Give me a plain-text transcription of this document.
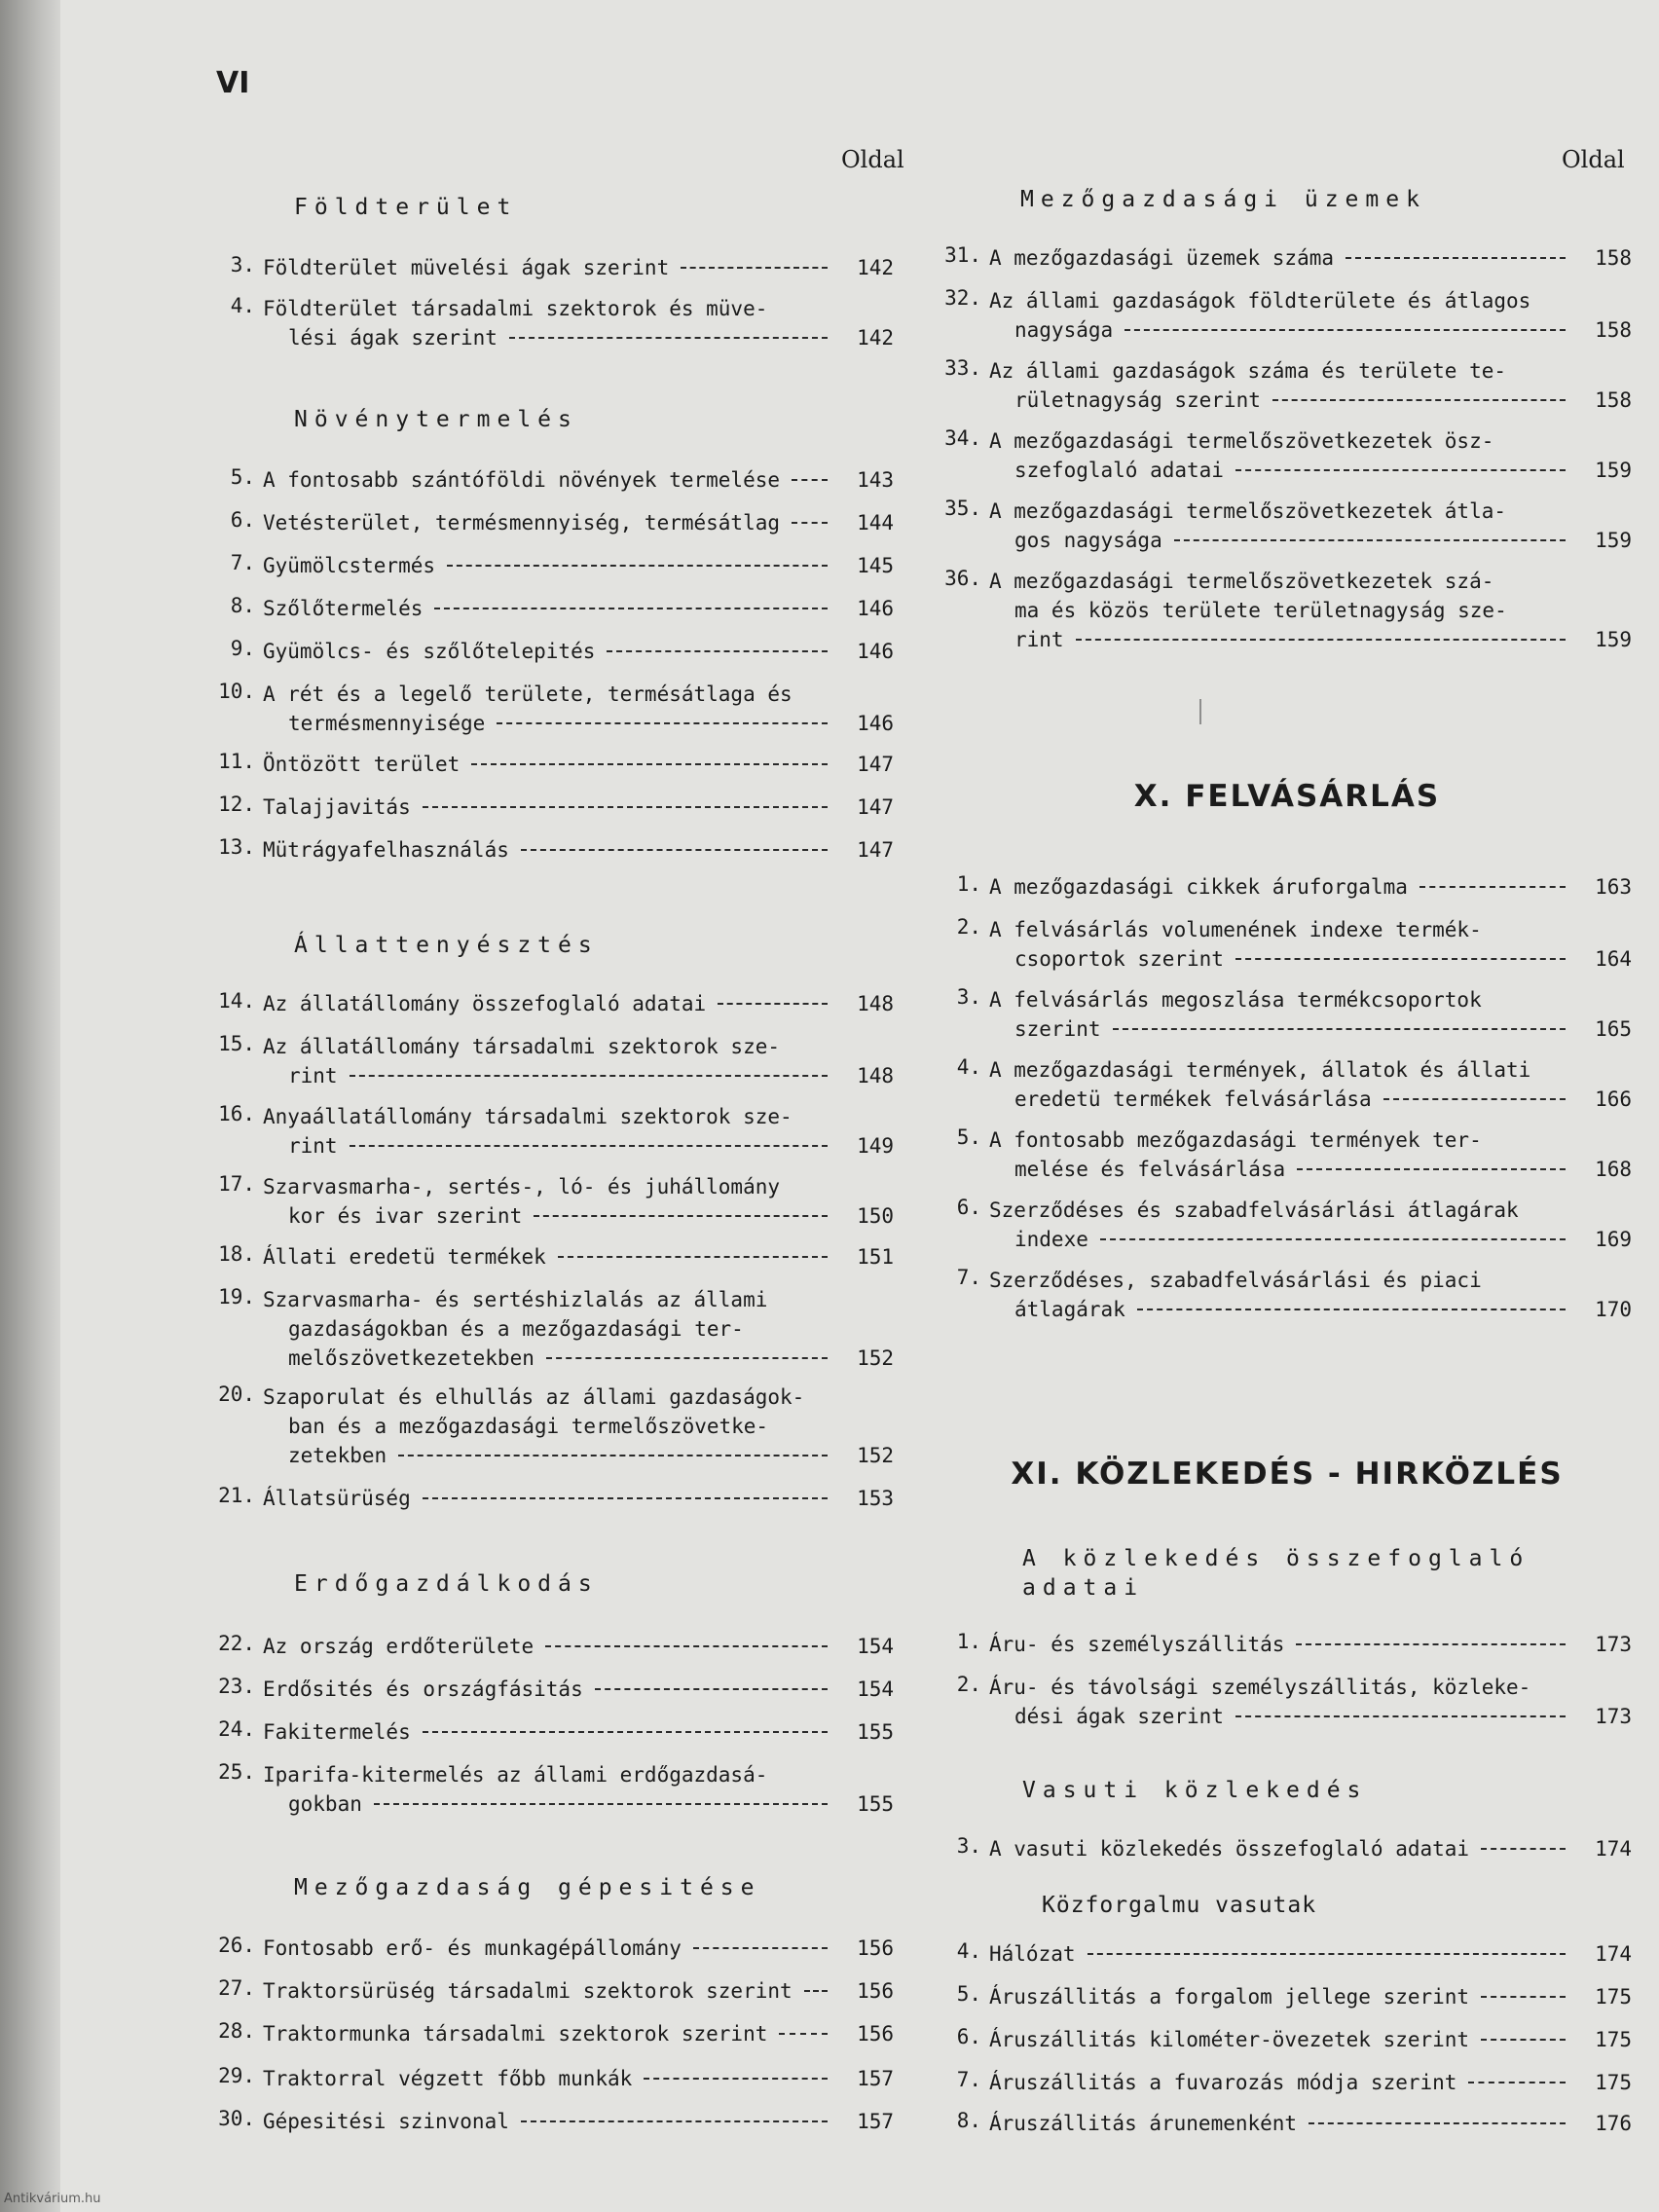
VI
Oldal	Oldal
Földterület
3. Földterület müvelési ágak szerint	142
4. Földterület társadalmi szektorok és müve-
lési ágak szerint	142
Növénytermelés
5. A fontosabb szántóföldi növények termelése	143
6. Vetésterület, termésmennyiség, termésátlag	144
7. Gyümölcstermés	145
8. Szőlőtermelés	146
9. Gyümölcs- és szőlőtelepités	146
10. A rét és a legelő területe, termésátlaga és
termésmennyisége	146
11. Öntözött terület	147
12. Talajjavitás	147
13. Mütrágyafelhasználás	147
Állattenyésztés
14. Az állatállomány összefoglaló adatai	148
15. Az állatállomány társadalmi szektorok sze-
rint	148
16. Anyaállatállomány társadalmi szektorok sze-
rint	149
17. Szarvasmarha-, sertés-, ló- és juhállomány
kor és ivar szerint	150
18. Állati eredetü termékek	151
19. Szarvasmarha- és sertéshizlalás az állami
gazdaságokban és a mezőgazdasági ter-
melőszövetkezetekben	152
20. Szaporulat és elhullás az állami gazdaságok-
ban és a mezőgazdasági termelőszövetke-
zetekben	152
21. Állatsürüség	153
Erdőgazdálkodás
22. Az ország erdőterülete	154
23. Erdősités és országfásitás	154
24. Fakitermelés	155
25. Iparifa-kitermelés az állami erdőgazdasá-
gokban	155
Mezőgazdaság gépesitése
26. Fontosabb erő- és munkagépállomány	156
27. Traktorsürüség társadalmi szektorok szerint	156
28. Traktormunka társadalmi szektorok szerint	156
29. Traktorral végzett főbb munkák	157
30. Gépesitési szinvonal	157
Mezőgazdasági üzemek
31. A mezőgazdasági üzemek száma	158
32. Az állami gazdaságok földterülete és átlagos
nagysága	158
33. Az állami gazdaságok száma és területe te-
rületnagyság szerint	158
34. A mezőgazdasági termelőszövetkezetek ösz-
szefoglaló adatai	159
35. A mezőgazdasági termelőszövetkezetek átla-
gos nagysága	159
36. A mezőgazdasági termelőszövetkezetek szá-
ma és közös területe területnagyság sze-
rint	159
X. FELVÁSÁRLÁS
1. A mezőgazdasági cikkek áruforgalma	163
2. A felvásárlás volumenének indexe termék-
csoportok szerint	164
3. A felvásárlás megoszlása termékcsoportok
szerint	165
4. A mezőgazdasági termények, állatok és állati
eredetü termékek felvásárlása	166
5. A fontosabb mezőgazdasági termények ter-
melése és felvásárlása	168
6. Szerződéses és szabadfelvásárlási átlagárak
indexe	169
7. Szerződéses, szabadfelvásárlási és piaci
átlagárak	170
XI. KÖZLEKEDÉS - HIRKÖZLÉS
A közlekedés összefoglaló
adatai
1. Áru- és személyszállitás	173
2. Áru- és távolsági személyszállitás, közleke-
dési ágak szerint	173
Vasuti közlekedés
3. A vasuti közlekedés összefoglaló adatai	174
Közforgalmu vasutak
4. Hálózat	174
5. Áruszállitás a forgalom jellege szerint	175
6. Áruszállitás kilométer-övezetek szerint	175
7. Áruszállitás a fuvarozás módja szerint	175
8. Áruszállitás árunemenként	176
Antikvárium.hu
